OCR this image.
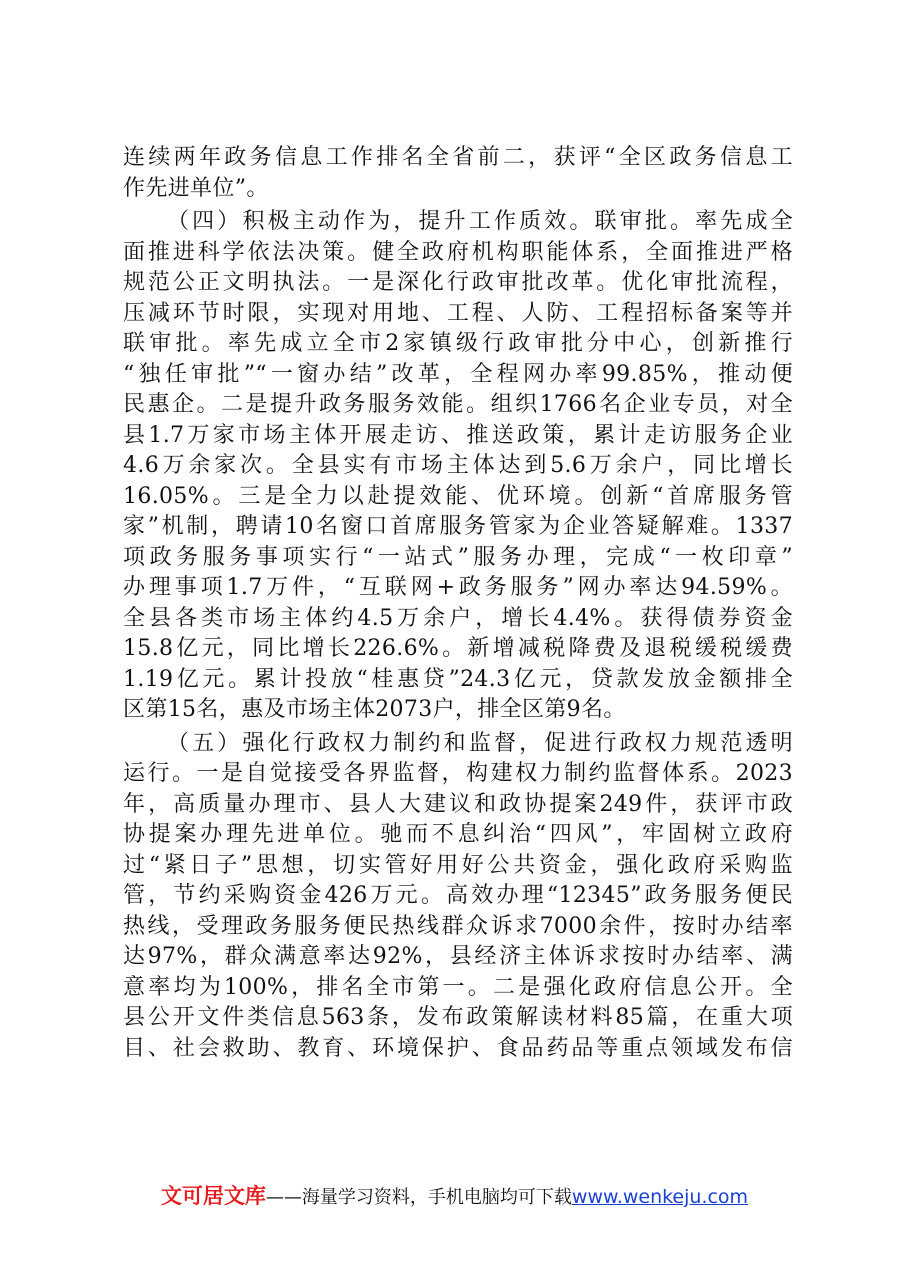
连续两年政务信息工作排名全省前二，获评“全区政务信息工
作先进单位”。
（四）积极主动作为，提升工作质效。联审批。率先成全
面推进科学依法决策。健全政府机构职能体系，全面推进严格
规范公正文明执法。一是深化行政审批改革。优化审批流程，
压减环节时限，实现对用地、工程、人防、工程招标备案等并
联审批。率先成立全市2家镇级行政审批分中心，创新推行
“独任审批”“一窗办结”改革，全程网办率99.85%，推动便
民惠企。二是提升政务服务效能。组织1766名企业专员，对全
县1.7万家市场主体开展走访、推送政策，累计走访服务企业
4.6万余家次。全县实有市场主体达到5.6万余户，同比增长
16.05%。三是全力以赴提效能、优环境。创新“首席服务管
家”机制，聘请10名窗口首席服务管家为企业答疑解难。1337
项政务服务事项实行“一站式”服务办理，完成“一枚印章”
办理事项1.7万件，“互联网+政务服务”网办率达94.59%。
全县各类市场主体约4.5万余户，增长4.4%。获得债券资金
15.8亿元，同比增长226.6%。新增减税降费及退税缓税缓费
1.19亿元。累计投放“桂惠贷”24.3亿元，贷款发放金额排全
区第15名，惠及市场主体2073户，排全区第9名。
（五）强化行政权力制约和监督，促进行政权力规范透明
运行。一是自觉接受各界监督，构建权力制约监督体系。2023
年，高质量办理市、县人大建议和政协提案249件，获评市政
协提案办理先进单位。驰而不息纠治“四风”，牢固树立政府
过“紧日子”思想，切实管好用好公共资金，强化政府采购监
管，节约采购资金426万元。高效办理“12345”政务服务便民
热线，受理政务服务便民热线群众诉求7000余件，按时办结率
达97%，群众满意率达92%，县经济主体诉求按时办结率、满
意率均为100%，排名全市第一。二是强化政府信息公开。全
县公开文件类信息563条，发布政策解读材料85篇，在重大项
目、社会救助、教育、环境保护、食品药品等重点领域发布信
文可居文库——海量学习资料，手机电脑均可下载www.wenkeju.com
